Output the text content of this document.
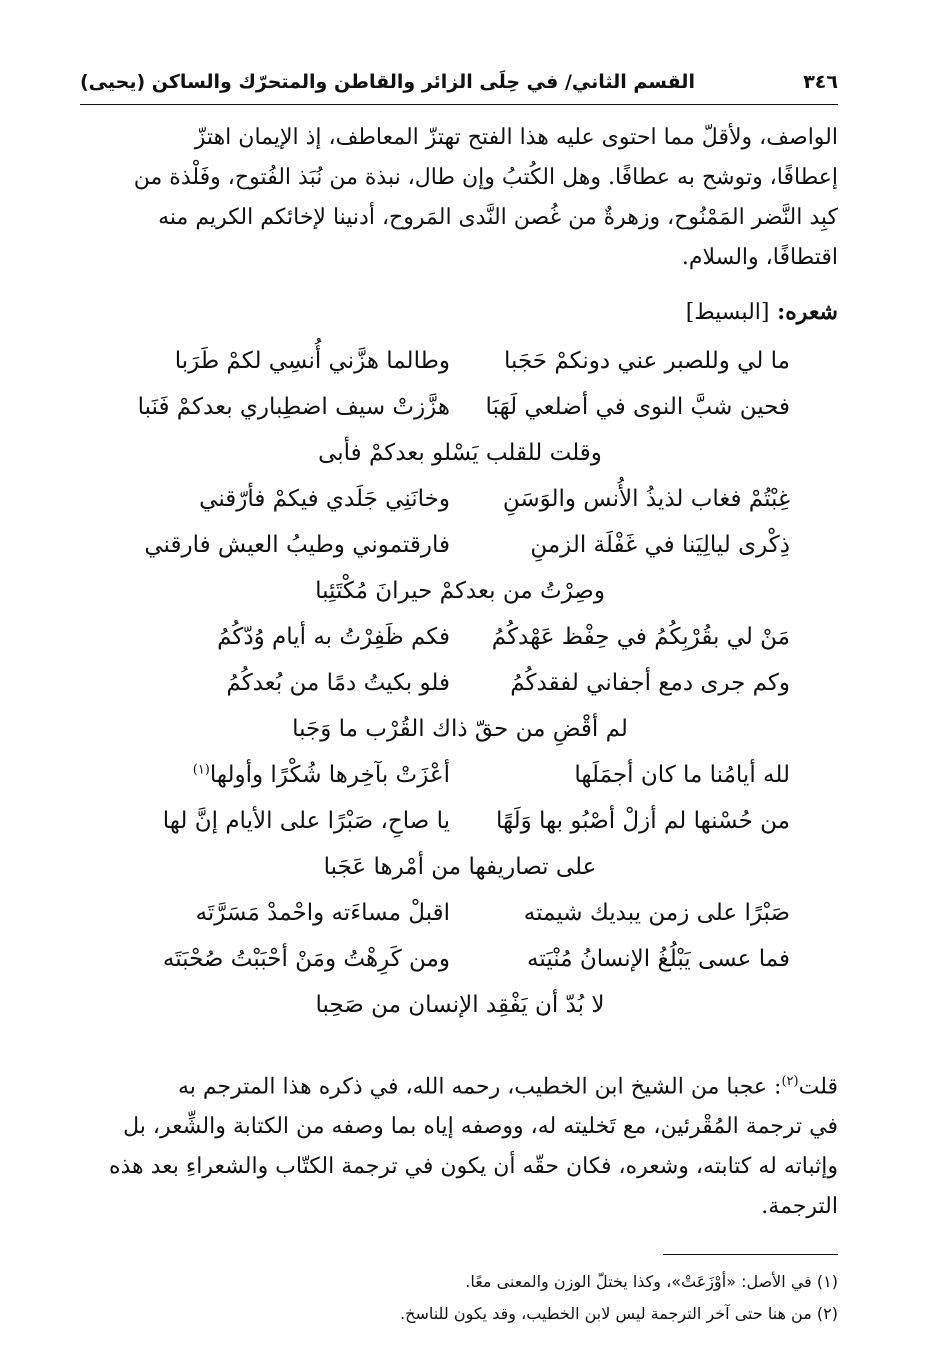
٣٤٦
القسم الثاني/ في حِلَى الزائر والقاطن والمتحرّك والساكن (يحيى)
الواصف، ولأقلّ مما احتوى عليه هذا الفتح تهتزّ المعاطف، إذ الإيمان اهتزّ
إعطافًا، وتوشح به عطافًا. وهل الكُتبُ وإن طال، نبذة من نُبَذ الفُتوح، وفَلْذة من
كبِد النَّضر المَمْنُوح، وزهرةٌ من غُصن النَّدى المَروح، أدنينا لإخائكم الكريم منه
اقتطافًا، والسلام.
شعره: [البسيط]
ما لي وللصبر عني دونكمْ حَجَبا
وطالما هزَّني أُنسِي لكمْ طَرَبا
فحين شبَّ النوى في أضلعي لَهَبَا
هزَّزتْ سيف اضطِباري بعدكمْ فَنَبا
وقلت للقلب يَسْلو بعدكمْ فأبى
غِبْتُمْ فغاب لذيذُ الأُنس والوَسَنِ
وخانَنِي جَلَدي فيكمْ فأرّقني
ذِكْرى ليالِيَنا في غَفْلَة الزمنِ
فارقتموني وطيبُ العيش فارقني
وصِرْتُ من بعدكمْ حيرانَ مُكْتَئِبا
مَنْ لي بقُرْبِكُمُ في حِفْظ عَهْدكُمُ
فكم ظَفِرْتُ به أيام وُدّكُمُ
وكم جرى دمع أجفاني لفقدكُمُ
فلو بكيتُ دمًا من بُعدكُمُ
لم أقْضِ من حقّ ذاك القُرْب ما وَجَبا
لله أيامُنا ما كان أجمَلَها
أعْزَتْ بآخِرها شُكْرًا وأولها$^{(١)}$
من حُسْنها لم أزلْ أصْبُو بها وَلَهًا
يا صاحِ، صَبْرًا على الأيام إنَّ لها
على تصاريفها من أمْرها عَجَبا
صَبْرًا على زمن يبديك شيمته
اقبلْ مساءَته واحْمدْ مَسَرَّتَه
فما عسى يَبْلُغُ الإنسانُ مُنْيَته
ومن كَرِهْتُ ومَنْ أحْبَبْتُ صُحْبَتَه
لا بُدّ أن يَفْقِد الإنسان من صَحِبا
قلت$^{(٢)}$: عجبا من الشيخ ابن الخطيب، رحمه الله، في ذكره هذا المترجم به
في ترجمة المُقْرئين، مع تَخليته له، ووصفه إياه بما وصفه من الكتابة والشِّعر، بل
وإثباته له كتابته، وشعره، فكان حقّه أن يكون في ترجمة الكتّاب والشعراءِ بعد هذه
الترجمة.
(١) في الأصل: «أوْزَعَتْ»، وكذا يختلّ الوزن والمعنى معًا.
(٢) من هنا حتى آخر الترجمة ليس لابن الخطيب، وقد يكون للناسخ.
